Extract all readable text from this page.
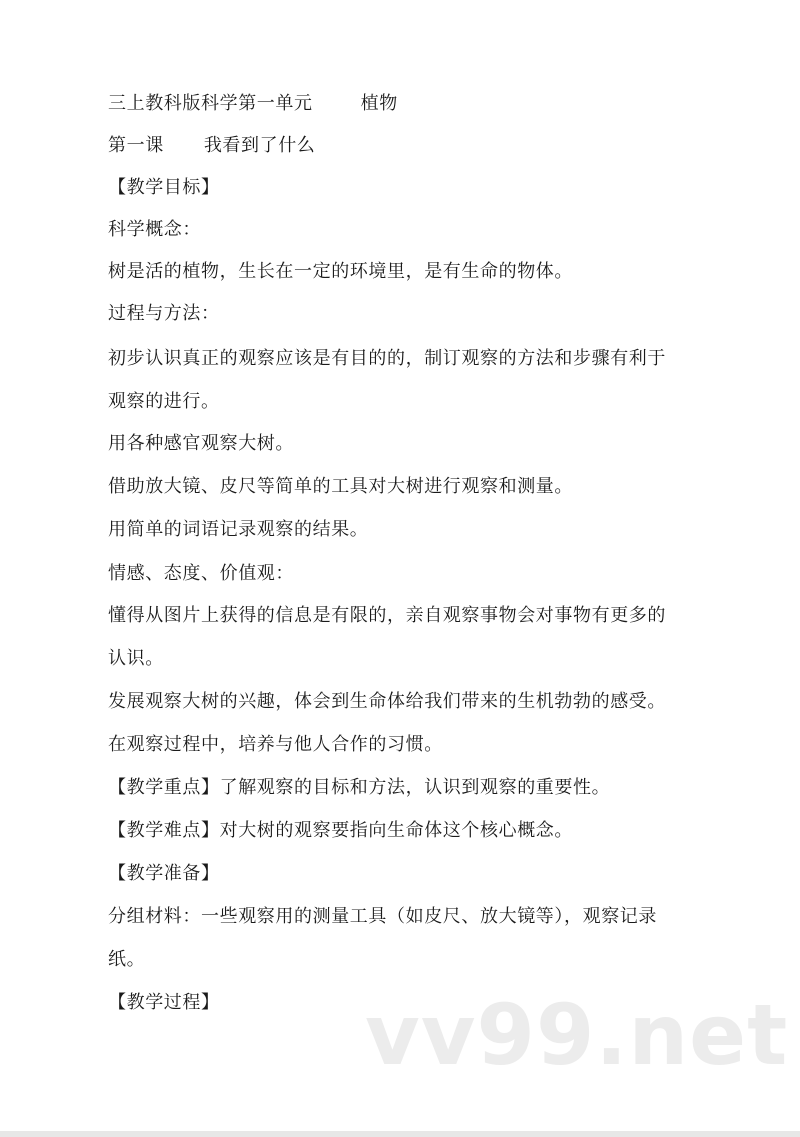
三上教科版科学第一单元	植物
第一课 我看到了什么
【教学目标】
科学概念：
树是活的植物，生长在一定的环境里，是有生命的物体。
过程与方法：
初步认识真正的观察应该是有目的的，制订观察的方法和步骤有利于
观察的进行。
用各种感官观察大树。
借助放大镜、皮尺等简单的工具对大树进行观察和测量。
用简单的词语记录观察的结果。
情感、态度、价值观：
懂得从图片上获得的信息是有限的，亲自观察事物会对事物有更多的
认识。
发展观察大树的兴趣，体会到生命体给我们带来的生机勃勃的感受。
在观察过程中，培养与他人合作的习惯。
【教学重点】了解观察的目标和方法，认识到观察的重要性。
【教学难点】对大树的观察要指向生命体这个核心概念。
【教学准备】
分组材料：一些观察用的测量工具（如皮尺、放大镜等），观察记录
纸。
【教学过程】 vv99.net
